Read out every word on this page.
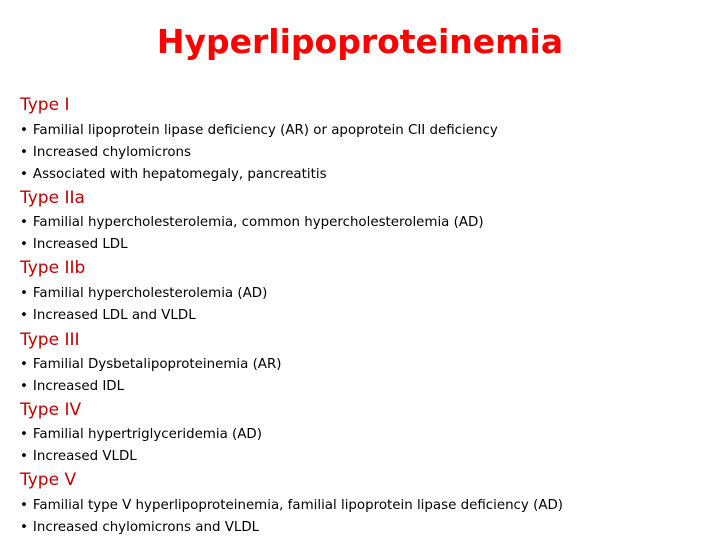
Hyperlipoproteinemia
Type I
• Familial lipoprotein lipase deficiency (AR) or apoprotein CII deficiency
• Increased chylomicrons
• Associated with hepatomegaly, pancreatitis
Type IIa
• Familial hypercholesterolemia, common hypercholesterolemia (AD)
• Increased LDL
Type IIb
• Familial hypercholesterolemia (AD)
• Increased LDL and VLDL
Type III
• Familial Dysbetalipoproteinemia (AR)
• Increased IDL
Type IV
• Familial hypertriglyceridemia (AD)
• Increased VLDL
Type V
• Familial type V hyperlipoproteinemia, familial lipoprotein lipase deficiency (AD)
• Increased chylomicrons and VLDL
